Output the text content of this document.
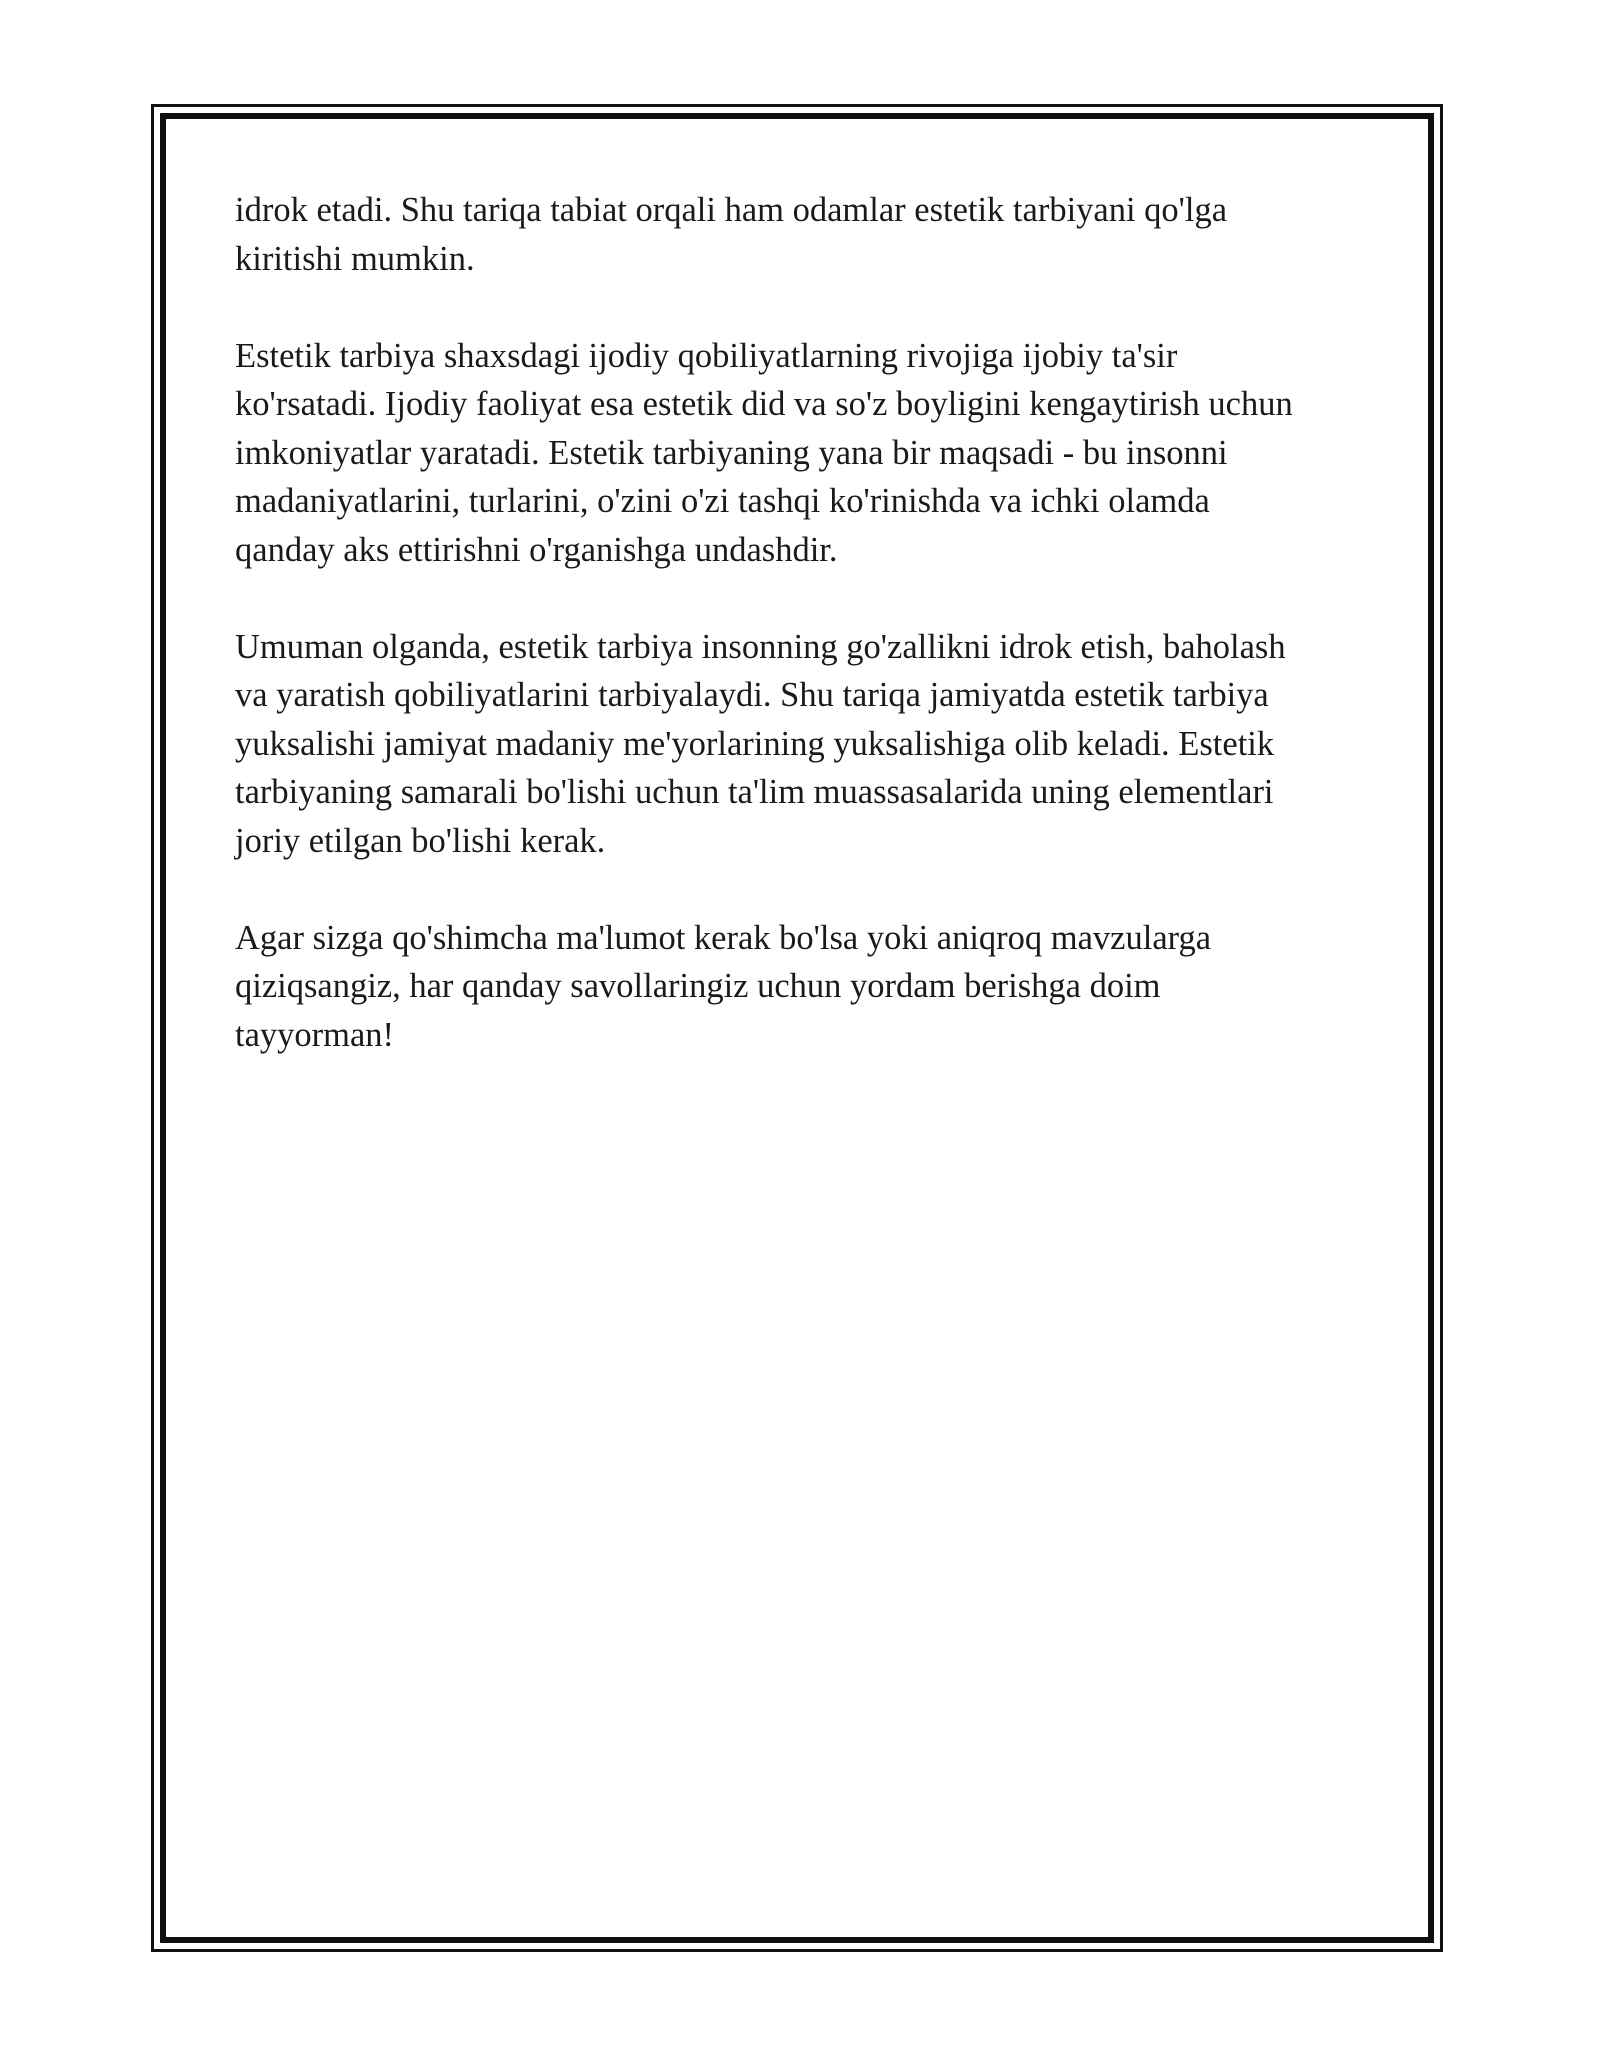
idrok etadi. Shu tariqa tabiat orqali ham odamlar estetik tarbiyani qo'lga
kiritishi mumkin.

Estetik tarbiya shaxsdagi ijodiy qobiliyatlarning rivojiga ijobiy ta'sir
ko'rsatadi. Ijodiy faoliyat esa estetik did va so'z boyligini kengaytirish uchun
imkoniyatlar yaratadi. Estetik tarbiyaning yana bir maqsadi - bu insonni
madaniyatlarini, turlarini, o'zini o'zi tashqi ko'rinishda va ichki olamda
qanday aks ettirishni o'rganishga undashdir.

Umuman olganda, estetik tarbiya insonning go'zallikni idrok etish, baholash
va yaratish qobiliyatlarini tarbiyalaydi. Shu tariqa jamiyatda estetik tarbiya
yuksalishi jamiyat madaniy me'yorlarining yuksalishiga olib keladi. Estetik
tarbiyaning samarali bo'lishi uchun ta'lim muassasalarida uning elementlari
joriy etilgan bo'lishi kerak.

Agar sizga qo'shimcha ma'lumot kerak bo'lsa yoki aniqroq mavzularga
qiziqsangiz, har qanday savollaringiz uchun yordam berishga doim
tayyorman!
